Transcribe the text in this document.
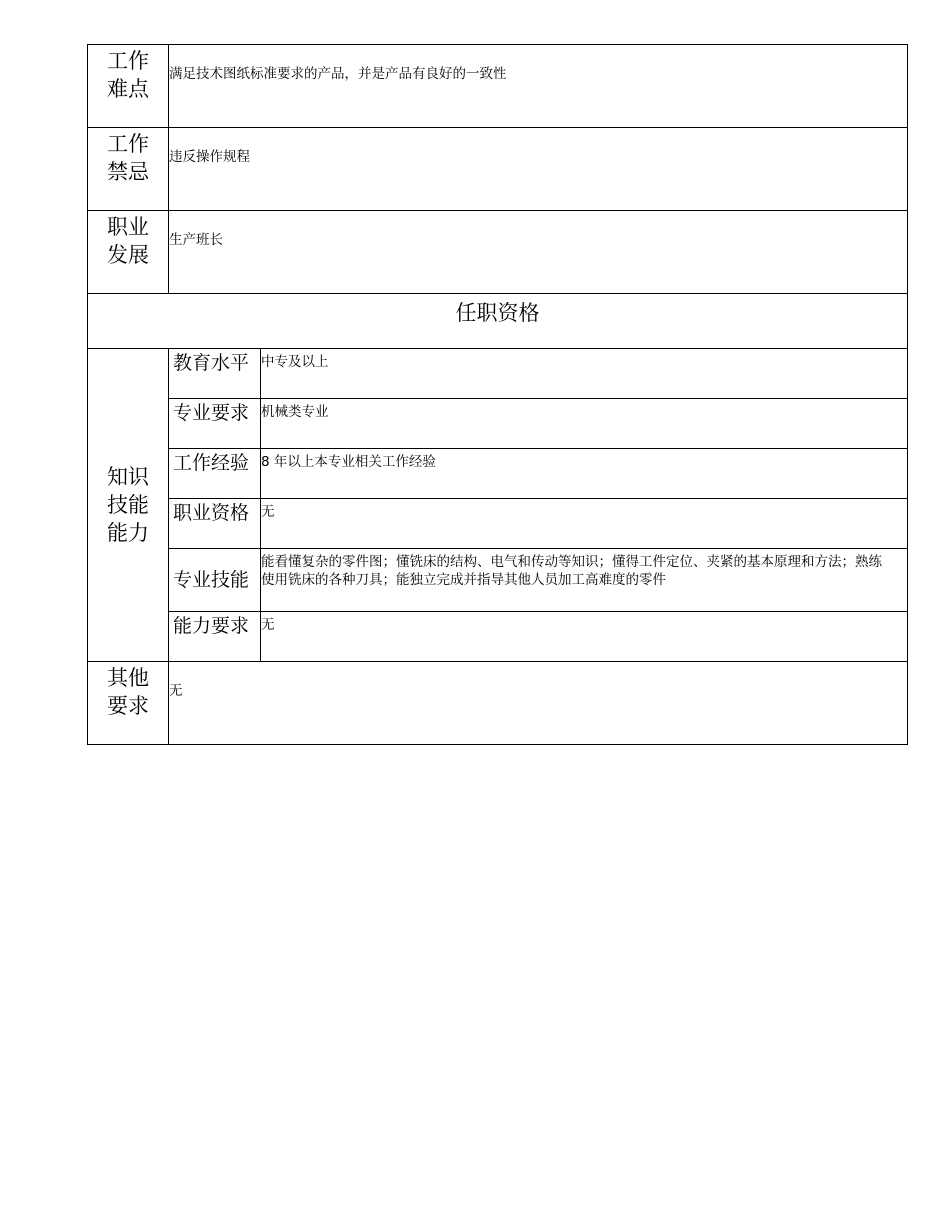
工作
难点	满足技术图纸标准要求的产品，并是产品有良好的一致性	

工作
禁忌	违反操作规程	

职业
发展	生产班长	
任职资格		

知识
技能
能力	教育水平	中专及以上
	专业要求	机械类专业
	工作经验	8 年以上本专业相关工作经验
	职业资格	无
	专业技能	能看懂复杂的零件图；懂铣床的结构、电气和传动等知识；懂得工件定位、夹紧的基本原理和方法；熟练使用铣床的各种刀具；能独立完成并指导其他人员加工高难度的零件
	能力要求	无

其他
要求	无	
